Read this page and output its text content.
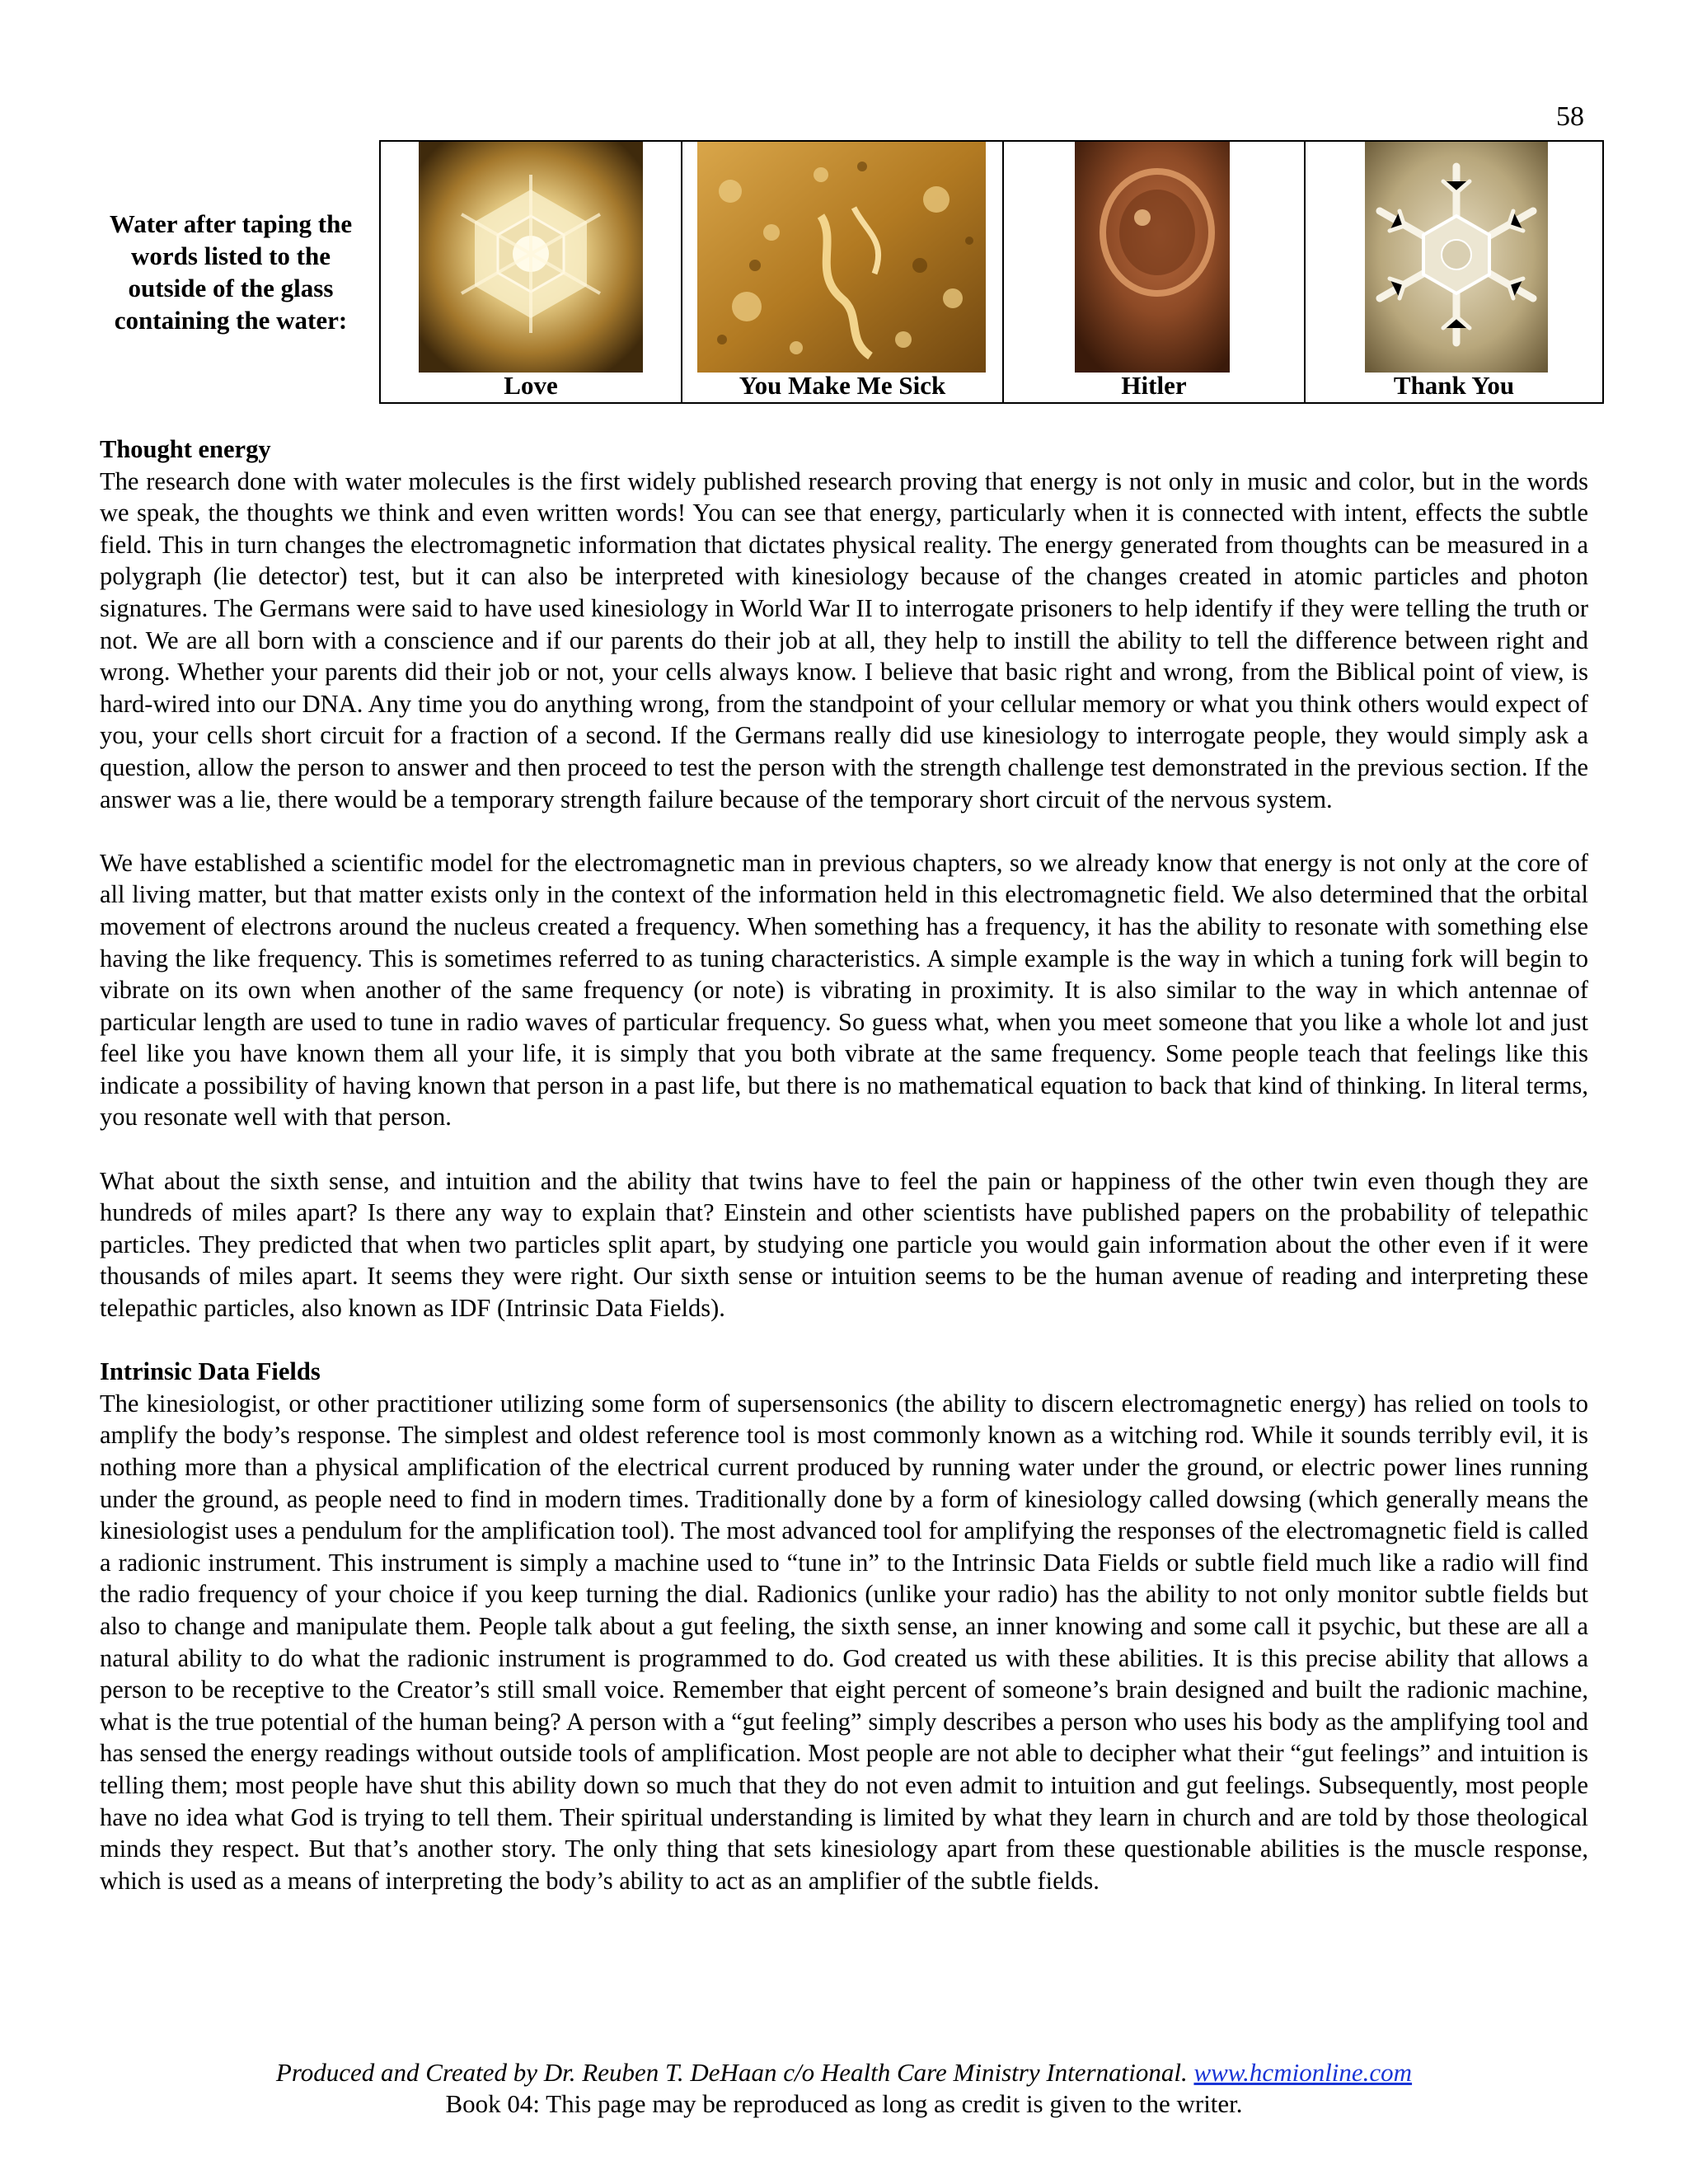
58
Water after taping the words listed to the outside of the glass containing the water:
Love	You Make Me Sick	Hitler	Thank You
Thought energy

The research done with water molecules is the first widely published research proving that energy is not only in music and color, but in the words we speak, the thoughts we think and even written words! You can see that energy, particularly when it is connected with intent, effects the subtle field. This in turn changes the electromagnetic information that dictates physical reality. The energy generated from thoughts can be measured in a polygraph (lie detector) test, but it can also be interpreted with kinesiology because of the changes created in atomic particles and photon signatures. The Germans were said to have used kinesiology in World War II to interrogate prisoners to help identify if they were telling the truth or not. We are all born with a conscience and if our parents do their job at all, they help to instill the ability to tell the difference between right and wrong. Whether your parents did their job or not, your cells always know. I believe that basic right and wrong, from the Biblical point of view, is hard-wired into our DNA. Any time you do anything wrong, from the standpoint of your cellular memory or what you think others would expect of you, your cells short circuit for a fraction of a second. If the Germans really did use kinesiology to interrogate people, they would simply ask a question, allow the person to answer and then proceed to test the person with the strength challenge test demonstrated in the previous section. If the answer was a lie, there would be a temporary strength failure because of the temporary short circuit of the nervous system.

We have established a scientific model for the electromagnetic man in previous chapters, so we already know that energy is not only at the core of all living matter, but that matter exists only in the context of the information held in this electromagnetic field. We also determined that the orbital movement of electrons around the nucleus created a frequency. When something has a frequency, it has the ability to resonate with something else having the like frequency. This is sometimes referred to as tuning characteristics. A simple example is the way in which a tuning fork will begin to vibrate on its own when another of the same frequency (or note) is vibrating in proximity. It is also similar to the way in which antennae of particular length are used to tune in radio waves of particular frequency. So guess what, when you meet someone that you like a whole lot and just feel like you have known them all your life, it is simply that you both vibrate at the same frequency. Some people teach that feelings like this indicate a possibility of having known that person in a past life, but there is no mathematical equation to back that kind of thinking. In literal terms, you resonate well with that person.

What about the sixth sense, and intuition and the ability that twins have to feel the pain or happiness of the other twin even though they are hundreds of miles apart? Is there any way to explain that? Einstein and other scientists have published papers on the probability of telepathic particles. They predicted that when two particles split apart, by studying one particle you would gain information about the other even if it were thousands of miles apart. It seems they were right. Our sixth sense or intuition seems to be the human avenue of reading and interpreting these telepathic particles, also known as IDF (Intrinsic Data Fields).

Intrinsic Data Fields

The kinesiologist, or other practitioner utilizing some form of supersensonics (the ability to discern electromagnetic energy) has relied on tools to amplify the body’s response. The simplest and oldest reference tool is most commonly known as a witching rod. While it sounds terribly evil, it is nothing more than a physical amplification of the electrical current produced by running water under the ground, or electric power lines running under the ground, as people need to find in modern times. Traditionally done by a form of kinesiology called dowsing (which generally means the kinesiologist uses a pendulum for the amplification tool). The most advanced tool for amplifying the responses of the electromagnetic field is called a radionic instrument. This instrument is simply a machine used to “tune in” to the Intrinsic Data Fields or subtle field much like a radio will find the radio frequency of your choice if you keep turning the dial. Radionics (unlike your radio) has the ability to not only monitor subtle fields but also to change and manipulate them. People talk about a gut feeling, the sixth sense, an inner knowing and some call it psychic, but these are all a natural ability to do what the radionic instrument is programmed to do. God created us with these abilities. It is this precise ability that allows a person to be receptive to the Creator’s still small voice. Remember that eight percent of someone’s brain designed and built the radionic machine, what is the true potential of the human being? A person with a “gut feeling” simply describes a person who uses his body as the amplifying tool and has sensed the energy readings without outside tools of amplification. Most people are not able to decipher what their “gut feelings” and intuition is telling them; most people have shut this ability down so much that they do not even admit to intuition and gut feelings. Subsequently, most people have no idea what God is trying to tell them. Their spiritual understanding is limited by what they learn in church and are told by those theological minds they respect. But that’s another story. The only thing that sets kinesiology apart from these questionable abilities is the muscle response, which is used as a means of interpreting the body’s ability to act as an amplifier of the subtle fields.

Produced and Created by Dr. Reuben T. DeHaan c/o Health Care Ministry International. www.hcmionline.com
Book 04: This page may be reproduced as long as credit is given to the writer.
